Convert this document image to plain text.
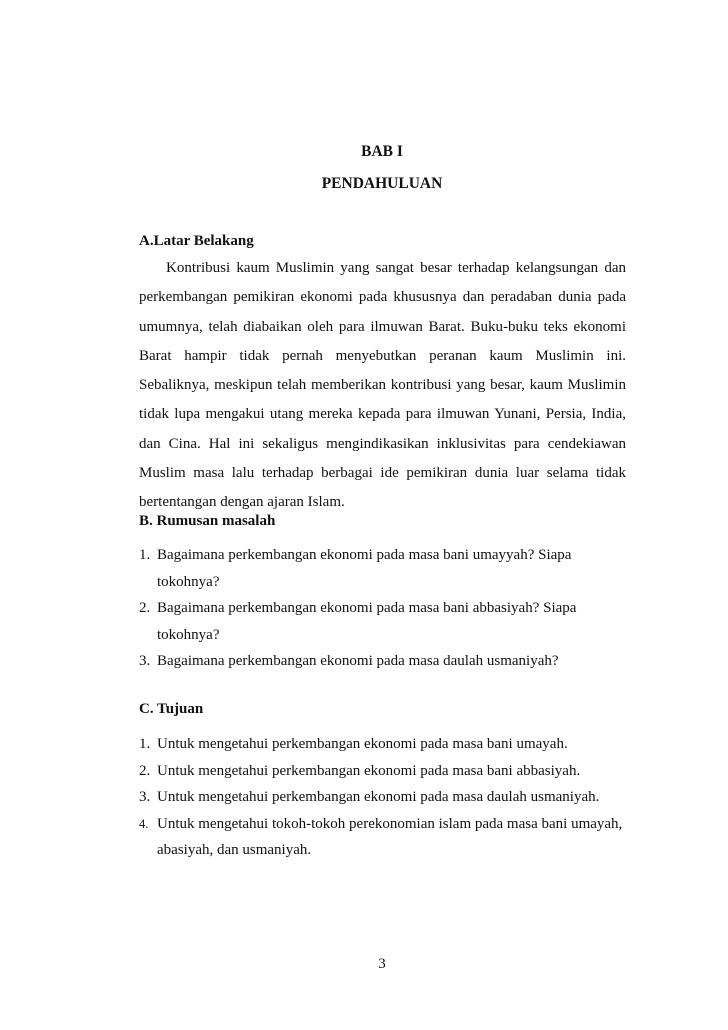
BAB I
PENDAHULUAN
A.Latar Belakang

Kontribusi kaum Muslimin yang sangat besar terhadap kelangsungan dan perkembangan pemikiran ekonomi pada khususnya dan peradaban dunia pada umumnya, telah diabaikan oleh para ilmuwan Barat. Buku-buku teks ekonomi Barat hampir tidak pernah menyebutkan peranan kaum Muslimin ini. Sebaliknya, meskipun telah memberikan kontribusi yang besar, kaum Muslimin tidak lupa mengakui utang mereka kepada para ilmuwan Yunani, Persia, India, dan Cina. Hal ini sekaligus mengindikasikan inklusivitas para cendekiawan Muslim masa lalu terhadap berbagai ide pemikiran dunia luar selama tidak bertentangan dengan ajaran Islam.

B. Rumusan masalah
1. Bagaimana perkembangan ekonomi pada masa bani umayyah? Siapa
tokohnya?
2. Bagaimana perkembangan ekonomi pada masa bani abbasiyah? Siapa
tokohnya?
3. Bagaimana perkembangan ekonomi pada masa daulah usmaniyah?
C. Tujuan
1. Untuk mengetahui perkembangan ekonomi pada masa bani umayah.
2. Untuk mengetahui perkembangan ekonomi pada masa bani abbasiyah.
3. Untuk mengetahui perkembangan ekonomi pada masa daulah usmaniyah.
4. Untuk mengetahui tokoh-tokoh perekonomian islam pada masa bani umayah,
abasiyah, dan usmaniyah.
3
